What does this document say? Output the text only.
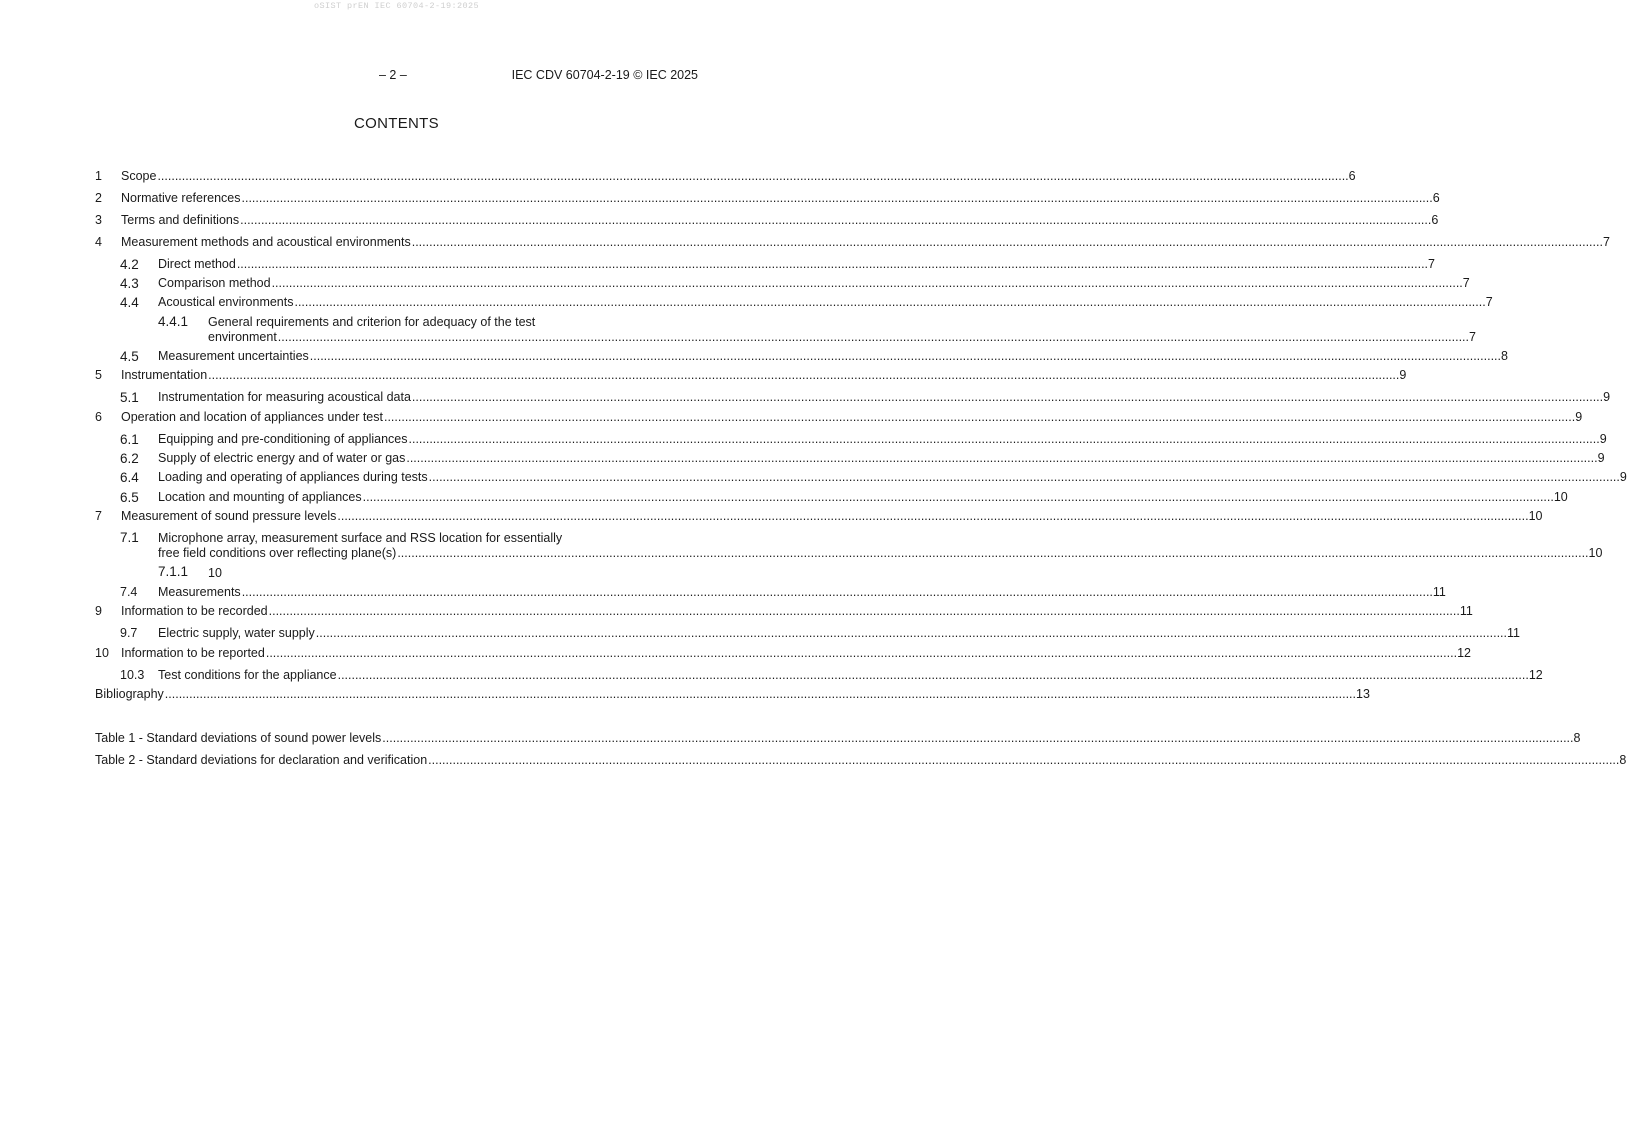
oSIST prEN IEC 60704-2-19:2025
– 2 –	IEC CDV 60704-2-19 © IEC 2025
CONTENTS
1	Scope .....	6
2	Normative references .....	6
3	Terms and definitions .....	6
4	Measurement methods and acoustical environments .....	7
4.2	Direct method .....	7
4.3	Comparison method .....	7
4.4	Acoustical environments .....	7
4.4.1 General requirements and criterion for adequacy of the test
environment .....	7
4.5	Measurement uncertainties .....	8
5	Instrumentation .....	9
5.1	Instrumentation for measuring acoustical data .....	9
6	Operation and location of appliances under test .....	9
6.1	Equipping and pre-conditioning of appliances .....	9
6.2	Supply of electric energy and of water or gas .....	9
6.4	Loading and operating of appliances during tests .....	9
6.5	Location and mounting of appliances .....	10
7	Measurement of sound pressure levels .....	10
7.1 Microphone array, measurement surface and RSS location for essentially
free field conditions over reflecting plane(s) .....	10
7.1.1 10
7.4	Measurements .....	11
9	Information to be recorded .....	11
9.7	Electric supply, water supply .....	11
10 Information to be reported .....	12
10.3	Test conditions for the appliance .....	12
Bibliography .....	13
Table 1 - Standard deviations of sound power levels .....	8
Table 2 - Standard deviations for declaration and verification .....	8
